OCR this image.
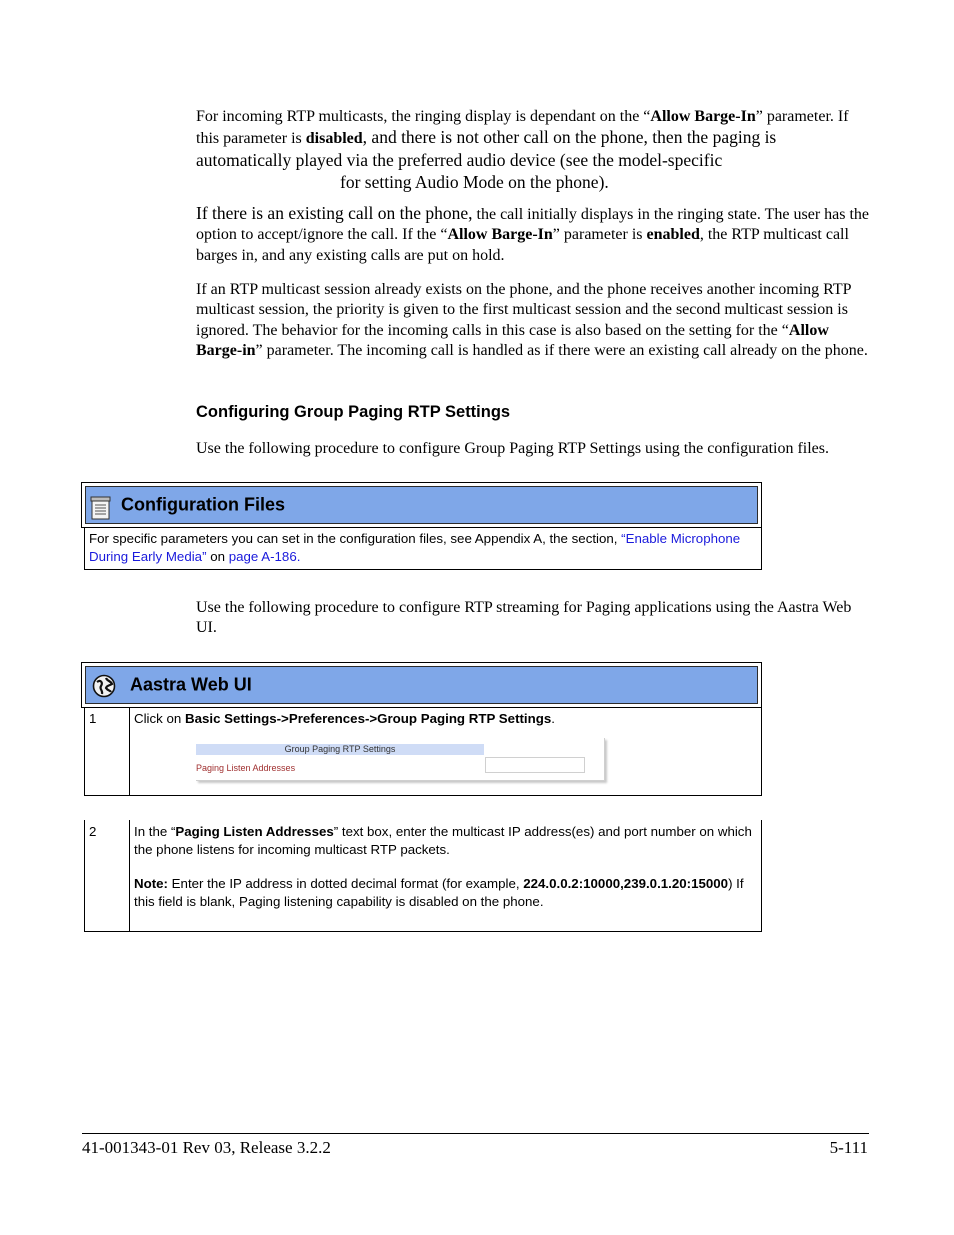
For incoming RTP multicasts, the ringing display is dependant on the “Allow Barge-In” parameter. If this parameter is disabled, and there is not other call on the phone, then the paging is automatically played via the preferred audio device (see the model-specific
for setting Audio Mode on the phone).

If there is an existing call on the phone, the call initially displays in the ringing state. The user has the option to accept/ignore the call. If the “Allow Barge-In” parameter is enabled, the RTP multicast call barges in, and any existing calls are put on hold.

If an RTP multicast session already exists on the phone, and the phone receives another incoming RTP multicast session, the priority is given to the first multicast session and the second multicast session is ignored. The behavior for the incoming calls in this case is also based on the setting for the “Allow Barge-in” parameter. The incoming call is handled as if there were an existing call already on the phone.

Configuring Group Paging RTP Settings

Use the following procedure to configure Group Paging RTP Settings using the configuration files.

Configuration Files
For specific parameters you can set in the configuration files, see Appendix A, the section, “Enable Microphone During Early Media” on page A-186.

Use the following procedure to configure RTP streaming for Paging applications using the Aastra Web UI.

Aastra Web UI
1	Click on Basic Settings->Preferences->Group Paging RTP Settings.
Group Paging RTP Settings
Paging Listen Addresses
2	In the “Paging Listen Addresses” text box, enter the multicast IP address(es) and port number on which the phone listens for incoming multicast RTP packets.
Note: Enter the IP address in dotted decimal format (for example, 224.0.0.2:10000,239.0.1.20:15000) If this field is blank, Paging listening capability is disabled on the phone.
41-001343-01 Rev 03, Release 3.2.2	5-111
